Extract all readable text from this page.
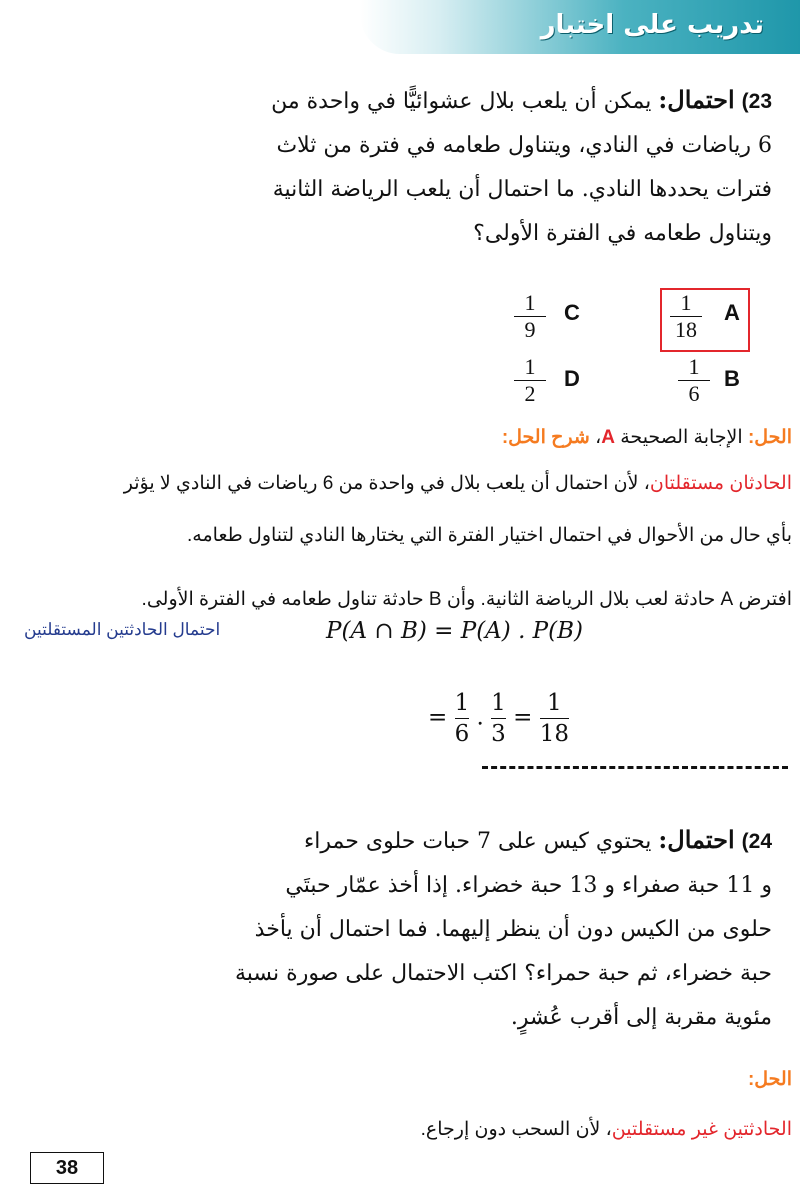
تدريب على اختبار
23) احتمال: يمكن أن يلعب بلال عشوائيًّا في واحدة من
6 رياضات في النادي، ويتناول طعامه في فترة من ثلاث
فترات يحددها النادي. ما احتمال أن يلعب الرياضة الثانية
ويتناول طعامه في الفترة الأولى؟
A
1
18
C
1
9
B
1
6
D
1
2
الحل: الإجابة الصحيحة A، شرح الحل:
الحادثان مستقلتان، لأن احتمال أن يلعب بلال في واحدة من 6 رياضات في النادي لا يؤثر
بأي حال من الأحوال في احتمال اختيار الفترة التي يختارها النادي لتناول طعامه.
افترض A حادثة لعب بلال الرياضة الثانية. وأن B حادثة تناول طعامه في الفترة الأولى.
احتمال الحادثتين المستقلتين	P(A ∩ B) = P(A) . P(B)
= $\frac{1}{6}$ . $\frac{1}{3} = \frac{1}{18}$
24) احتمال: يحتوي كيس على 7 حبات حلوى حمراء
و 11 حبة صفراء و 13 حبة خضراء. إذا أخذ عمّار حبتَي
حلوى من الكيس دون أن ينظر إليهما. فما احتمال أن يأخذ
حبة خضراء، ثم حبة حمراء؟ اكتب الاحتمال على صورة نسبة
مئوية مقربة إلى أقرب عُشرٍ.
الحل:
الحادثتين غير مستقلتين، لأن السحب دون إرجاع.
38
